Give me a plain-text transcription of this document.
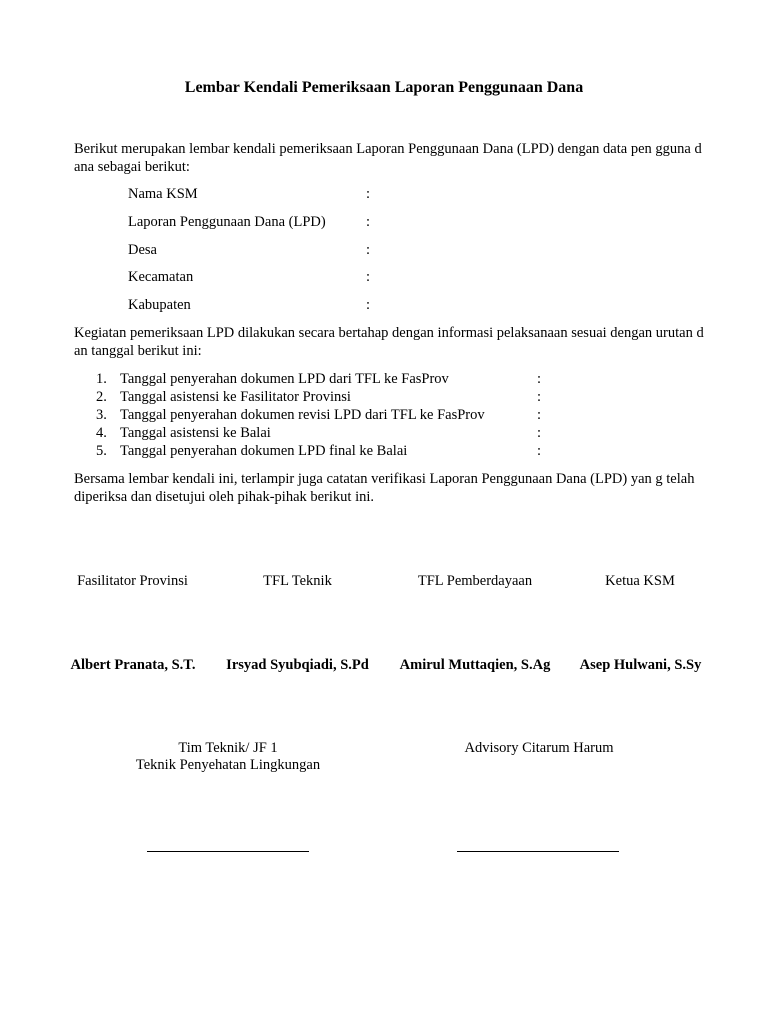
Lembar Kendali Pemeriksaan Laporan Penggunaan Dana
Berikut merupakan lembar kendali pemeriksaan Laporan Penggunaan Dana (LPD) dengan data pen gguna dana sebagai berikut:
Nama KSM	:
Laporan Penggunaan Dana (LPD)	:
Desa	:
Kecamatan	:
Kabupaten	:
Kegiatan pemeriksaan LPD dilakukan secara bertahap dengan informasi pelaksanaan sesuai dengan urutan dan tanggal berikut ini:
1. Tanggal penyerahan dokumen LPD dari TFL ke FasProv	:
2. Tanggal asistensi ke Fasilitator Provinsi	:
3. Tanggal penyerahan dokumen revisi LPD dari TFL ke FasProv	:
4. Tanggal asistensi ke Balai	:
5. Tanggal penyerahan dokumen LPD final ke Balai	:
Bersama lembar kendali ini, terlampir juga catatan verifikasi Laporan Penggunaan Dana (LPD) yan g telah diperiksa dan disetujui oleh pihak-pihak berikut ini.
Fasilitator Provinsi	TFL Teknik	TFL Pemberdayaan	Ketua KSM
Albert Pranata, S.T.	Irsyad Syubqiadi, S.Pd	Amirul Muttaqien, S.Ag	Asep Hulwani, S.Sy
Tim Teknik/ JF 1
Teknik Penyehatan Lingkungan
Advisory Citarum Harum
